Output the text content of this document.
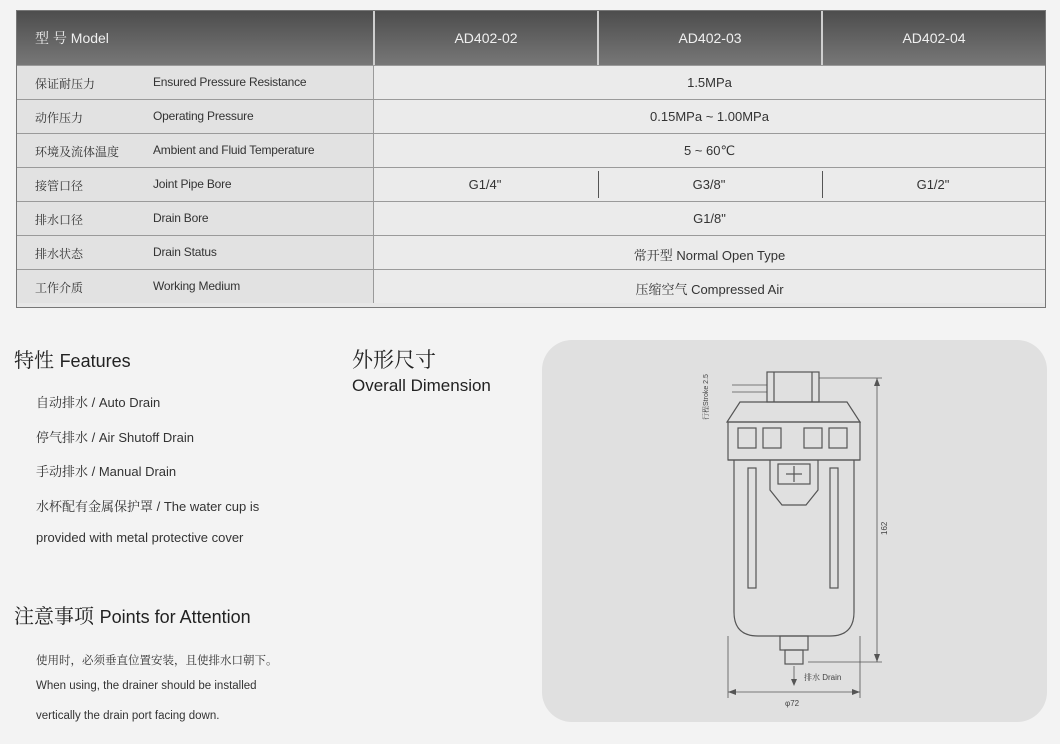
型 号 Model	AD402-02	AD402-03	AD402-04
保证耐压力	Ensured Pressure Resistance	1.5MPa
动作压力	Operating Pressure	0.15MPa ~ 1.00MPa
环境及流体温度	Ambient and Fluid Temperature	5 ~ 60℃
接管口径	Joint Pipe Bore	G1/4"	G3/8"	G1/2"
排水口径	Drain Bore	G1/8"
排水状态	Drain Status	常开型 Normal Open Type
工作介质	Working Medium	压缩空气 Compressed Air
特性 Features
自动排水 / Auto Drain
停气排水 / Air Shutoff Drain
手动排水 / Manual Drain
水杯配有金属保护罩 / The water cup is
provided with metal protective cover
注意事项 Points for Attention
使用时，必须垂直位置安装，且使排水口朝下。
When using, the drainer should be installed
vertically the drain port facing down.
外形尺寸
Overall Dimension	行程Stroke 2.5
162
排水 Drain
φ72
